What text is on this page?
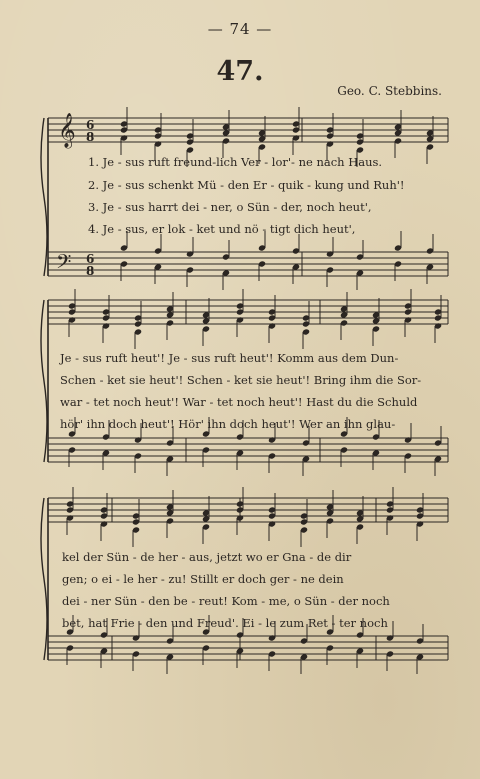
— 74 —
47.
Geo. C. Stebbins.
𝄞
𝄢
6
8
6
8
1. Je - sus ruft freund-lich Ver - lor'- ne nach Haus.
2. Je - sus schenkt Mü - den Er - quik - kung und Ruh'!
3. Je - sus harrt dei - ner, o Sün - der, noch heut',
4. Je - sus, er lok - ket und nö - tigt dich heut',
Je - sus ruft heut'! Je - sus ruft heut'! Komm aus dem Dun-
Schen - ket sie heut'! Schen - ket sie heut'! Bring ihm die Sor-
war - tet noch heut'! War - tet noch heut'! Hast du die Schuld
hör' ihn doch heut'! Hör' ihn doch heut'! Wer an ihn glau-
kel der Sün - de her - aus, jetzt wo er Gna - de dir
gen; o ei - le her - zu! Stillt er doch ger - ne dein
dei - ner Sün - den be - reut! Kom - me, o Sün - der noch
bet, hat Frie - den und Freud'. Ei - le zum Ret - ter noch
